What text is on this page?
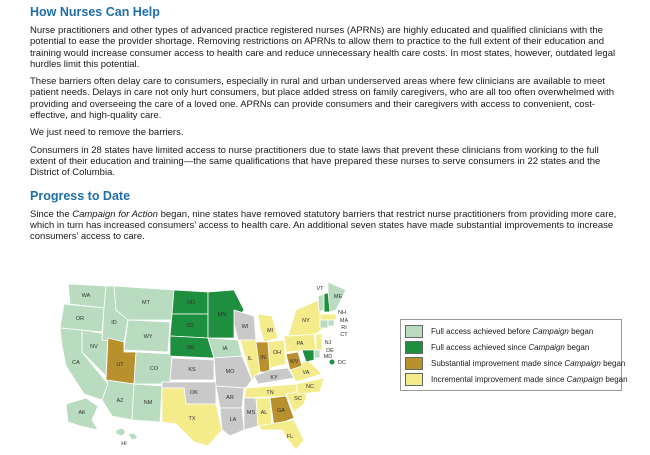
How Nurses Can Help

Nurse practitioners and other types of advanced practice registered nurses (APRNs) are highly educated and qualified clinicians with the potential to ease the provider shortage. Removing restrictions on APRNs to allow them to practice to the full extent of their education and training would increase consumer access to health care and reduce unnecessary health care costs. In most states, however, outdated legal hurdles limit this potential.

These barriers often delay care to consumers, especially in rural and urban underserved areas where few clinicians are available to meet patient needs. Delays in care not only hurt consumers, but place added stress on family caregivers, who are all too often overwhelmed with providing and overseeing the care of a loved one. APRNs can provide consumers and their caregivers with access to convenient, cost-effective, and high-quality care.

We just need to remove the barriers.

Consumers in 28 states have limited access to nurse practitioners due to state laws that prevent these clinicians from working to the full extent of their education and training—the same qualifications that have prepared these nurses to serve consumers in 22 states and the District of Columbia.

Progress to Date

Since the Campaign for Action began, nine states have removed statutory barriers that restrict nurse practitioners from providing more care, which in turn has increased consumers’ access to health care. An additional seven states have made substantial improvements to increase consumers’ access to care.

WA
OR
CA
NV
ID
MT
WY
UT
CO
AZ	NM
ND
SD
NE
KS
OK
TX
MN
IA
MO
AR
LA
WI
IL
MI
IN
OH
KY
TN
MS AL GA
FL
SC
NC
VA
WV
PA
NY
VT
NH
ME
MA
RI
CT
NJ
DE
MD
DC
AK
HI
Full access achieved before Campaign began
Full access achieved since Campaign began
Substantial improvement made since Campaign began
Incremental improvement made since Campaign began
